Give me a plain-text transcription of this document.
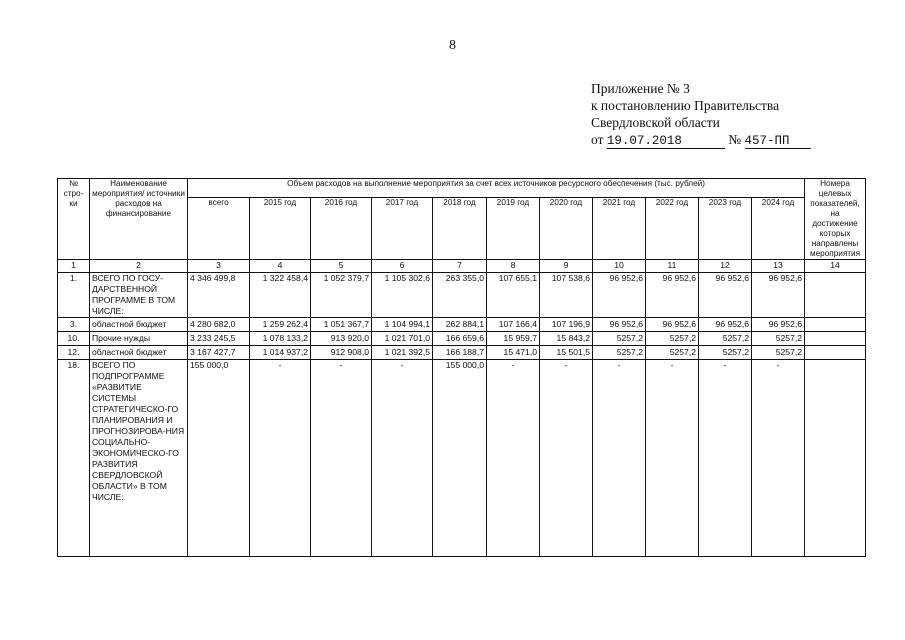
8
Приложение № 3
к постановлению Правительства
Свердловской области
от 19.07.2018	№ 457-ПП
№ стро-ки	Наименование мероприятия/ источники расходов на финансирование	Объем расходов на выполнение мероприятия за счет всех источников ресурсного обеспечения (тыс. рублей)											Номера целевых показателей, на достижение которых направлены мероприятия
		всего	2015 год	2016 год	2017 год	2018 год	2019 год	2020 год	2021 год	2022 год	2023 год	2024 год	
1	2	3	4	5	6	7	8	9	10	11	12	13	14
1.	ВСЕГО ПО ГОСУ-ДАРСТВЕННОЙ ПРОГРАММЕ В ТОМ ЧИСЛЕ:	4 346 499,8	1 322 458,4	1 052 379,7	1 105 302,6	263 355,0	107 655,1	107 538,6	96 952,6	96 952,6	96 952,6	96 952,6	
3.	областной бюджет	4 280 682,0	1 259 262,4	1 051 367,7	1 104 994,1	262 884,1	107 166,4	107 196,9	96 952,6	96 952,6	96 952,6	96 952,6	
10.	Прочие нужды	3 233 245,5	1 078 133,2	913 920,0	1 021 701,0	166 659,6	15 959,7	15 843,2	5257,2	5257,2	5257,2	5257,2	
12.	областной бюджет	3 167 427,7	1 014 937,2	912 908,0	1 021 392,5	166 188,7	15 471,0	15 501,5	5257,2	5257,2	5257,2	5257,2	
18.	ВСЕГО ПО ПОДПРОГРАММЕ «РАЗВИТИЕ СИСТЕМЫ СТРАТЕГИЧЕСКО-ГО ПЛАНИРОВАНИЯ И ПРОГНОЗИРОВА-НИЯ СОЦИАЛЬНО-ЭКОНОМИЧЕСКО-ГО РАЗВИТИЯ СВЕРДЛОВСКОЙ ОБЛАСТИ» В ТОМ ЧИСЛЕ:	155 000,0	-	-	-	155 000,0	-	-	-	-	-	-	
